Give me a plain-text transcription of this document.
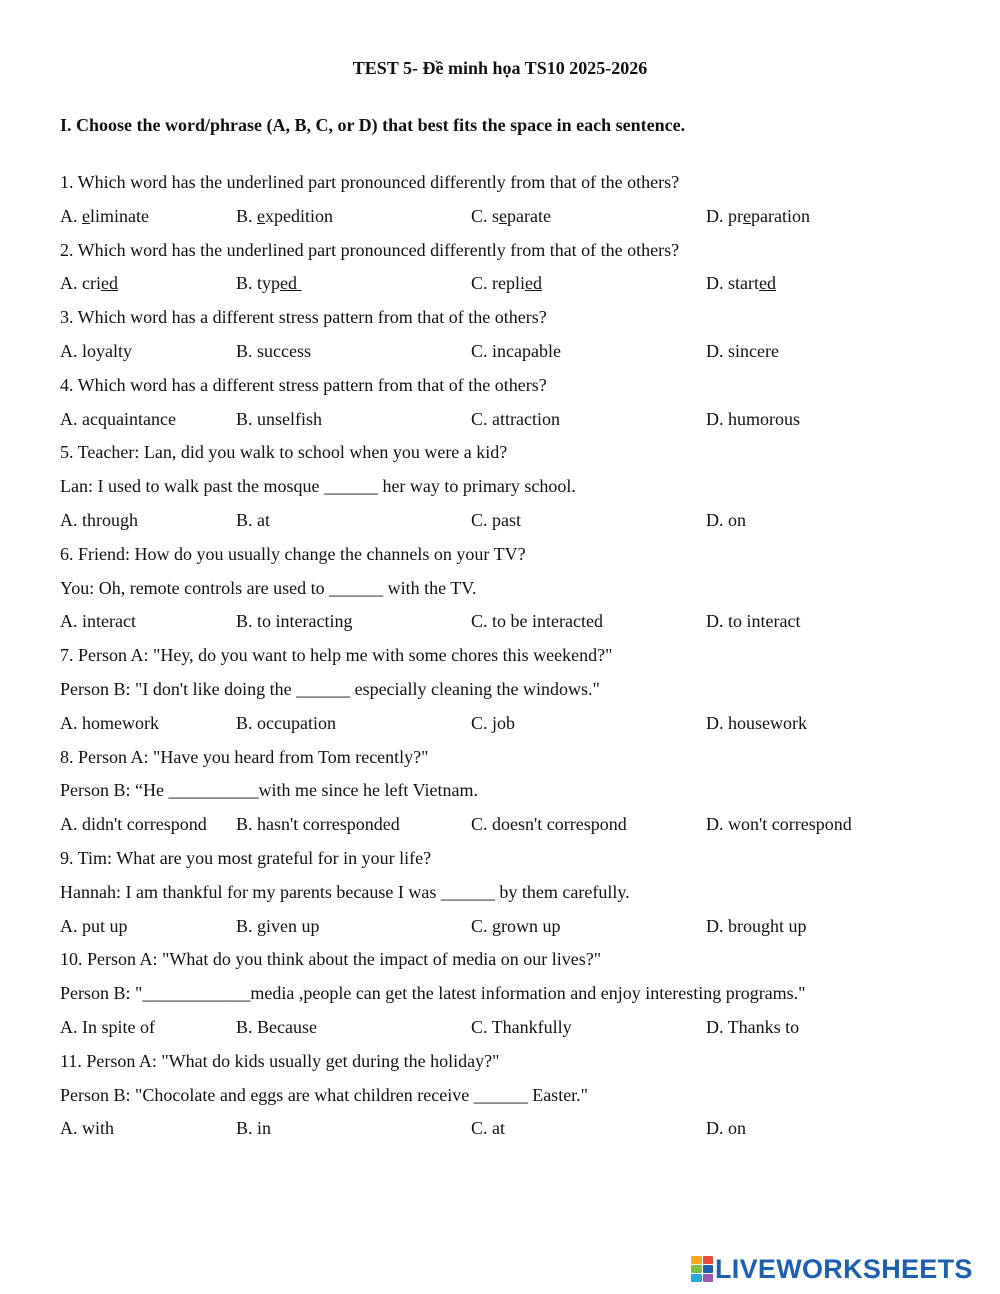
TEST 5- Đề minh họa TS10 2025-2026
I. Choose the word/phrase (A, B, C, or D) that best fits the space in each sentence.
1. Which word has the underlined part pronounced differently from that of the others?
A. eliminate	B. expedition	C. separate	D. preparation
2. Which word has the underlined part pronounced differently from that of the others?
A. cried	B. typed	C. replied	D. started
3. Which word has a different stress pattern from that of the others?
A. loyalty	B. success	C. incapable	D. sincere
4. Which word has a different stress pattern from that of the others?
A. acquaintance	B. unselfish	C. attraction	D. humorous
5. Teacher: Lan, did you walk to school when you were a kid?
Lan: I used to walk past the mosque ______ her way to primary school.
A. through	B. at	C. past	D. on
6. Friend: How do you usually change the channels on your TV?
You: Oh, remote controls are used to ______ with the TV.
A. interact	B. to interacting	C. to be interacted	D. to interact
7. Person A: "Hey, do you want to help me with some chores this weekend?"
Person B: "I don't like doing the ______ especially cleaning the windows."
A. homework	B. occupation	C. job	D. housework
8. Person A: "Have you heard from Tom recently?"
Person B: “He __________with me since he left Vietnam.
A. didn't correspond B. hasn't corresponded	C. doesn't correspond	D. won't correspond
9. Tim: What are you most grateful for in your life?
Hannah: I am thankful for my parents because I was ______ by them carefully.
A. put up	B. given up	C. grown up	D. brought up
10. Person A: "What do you think about the impact of media on our lives?"
Person B: "____________media ,people can get the latest information and enjoy interesting programs."
A. In spite of	B. Because	C. Thankfully	D. Thanks to
11. Person A: "What do kids usually get during the holiday?"
Person B: "Chocolate and eggs are what children receive ______ Easter."
A. with	B. in	C. at	D. on
LIVEWORKSHEETS
